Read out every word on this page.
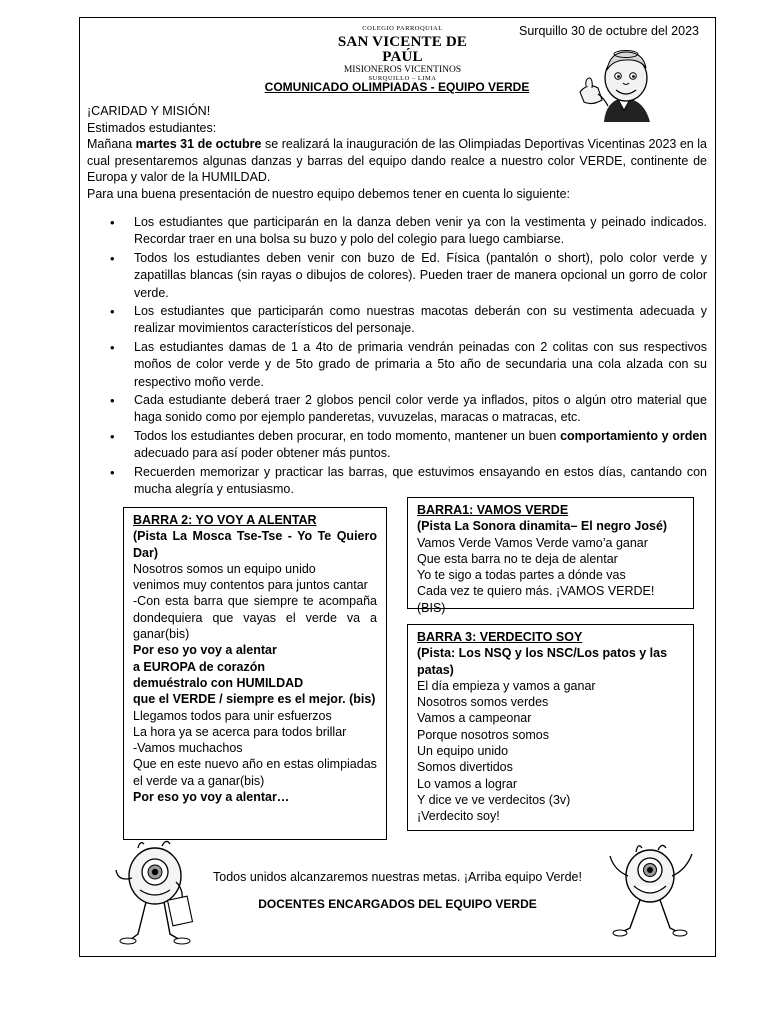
Surquillo 30 de octubre del 2023
COLEGIO PARROQUIAL
SAN VICENTE DE PAÚL
MISIONEROS VICENTINOS
SURQUILLO – LIMA
COMUNICADO OLIMPIADAS - EQUIPO VERDE

¡CARIDAD Y MISIÓN!

Estimados estudiantes:

Mañana martes 31 de octubre se realizará la inauguración de las Olimpiadas Deportivas Vicentinas 2023 en la cual presentaremos algunas danzas y barras del equipo dando realce a nuestro color VERDE, continente de Europa y valor de la HUMILDAD.

Para una buena presentación de nuestro equipo debemos tener en cuenta lo siguiente:

• Los estudiantes que participarán en la danza deben venir ya con la vestimenta y peinado indicados. Recordar traer en una bolsa su buzo y polo del colegio para luego cambiarse.
• Todos los estudiantes deben venir con buzo de Ed. Física (pantalón o short), polo color verde y zapatillas blancas (sin rayas o dibujos de colores). Pueden traer de manera opcional un gorro de color verde.
• Los estudiantes que participarán como nuestras macotas deberán con su vestimenta adecuada y realizar movimientos característicos del personaje.
• Las estudiantes damas de 1 a 4to de primaria vendrán peinadas con 2 colitas con sus respectivos moños de color verde y de 5to grado de primaria a 5to año de secundaria una cola alzada con su respectivo moño verde.
• Cada estudiante deberá traer 2 globos pencil color verde ya inflados, pitos o algún otro material que haga sonido como por ejemplo panderetas, vuvuzelas, maracas o matracas, etc.
• Todos los estudiantes deben procurar, en todo momento, mantener un buen comportamiento y orden adecuado para así poder obtener más puntos.
• Recuerden memorizar y practicar las barras, que estuvimos ensayando en estos días, cantando con mucha alegría y entusiasmo.
BARRA 2: YO VOY A ALENTAR
(Pista La Mosca Tse-Tse - Yo Te Quiero Dar)
Nosotros somos un equipo unido
venimos muy contentos para juntos cantar
-Con esta barra que siempre te acompaña dondequiera que vayas el verde va a ganar(bis)
Por eso yo voy a alentar
a EUROPA de corazón
demuéstralo con HUMILDAD
que el VERDE / siempre es el mejor. (bis)
Llegamos todos para unir esfuerzos
La hora ya se acerca para todos brillar
-Vamos muchachos
Que en este nuevo año en estas olimpiadas
el verde va a ganar(bis)
Por eso yo voy a alentar…
BARRA1: VAMOS VERDE
(Pista La Sonora dinamita– El negro José)
Vamos Verde Vamos Verde vamo’a ganar
Que esta barra no te deja de alentar
Yo te sigo a todas partes a dónde vas
Cada vez te quiero más. ¡VAMOS VERDE! (BIS)
BARRA 3: VERDECITO SOY
(Pista: Los NSQ y los NSC/Los patos y las patas)
El día empieza y vamos a ganar
Nosotros somos verdes
Vamos a campeonar
Porque nosotros somos
Un equipo unido
Somos divertidos
Lo vamos a lograr
Y dice ve ve verdecitos (3v)
¡Verdecito soy!
Todos unidos alcanzaremos nuestras metas. ¡Arriba equipo Verde!
DOCENTES ENCARGADOS DEL EQUIPO VERDE
